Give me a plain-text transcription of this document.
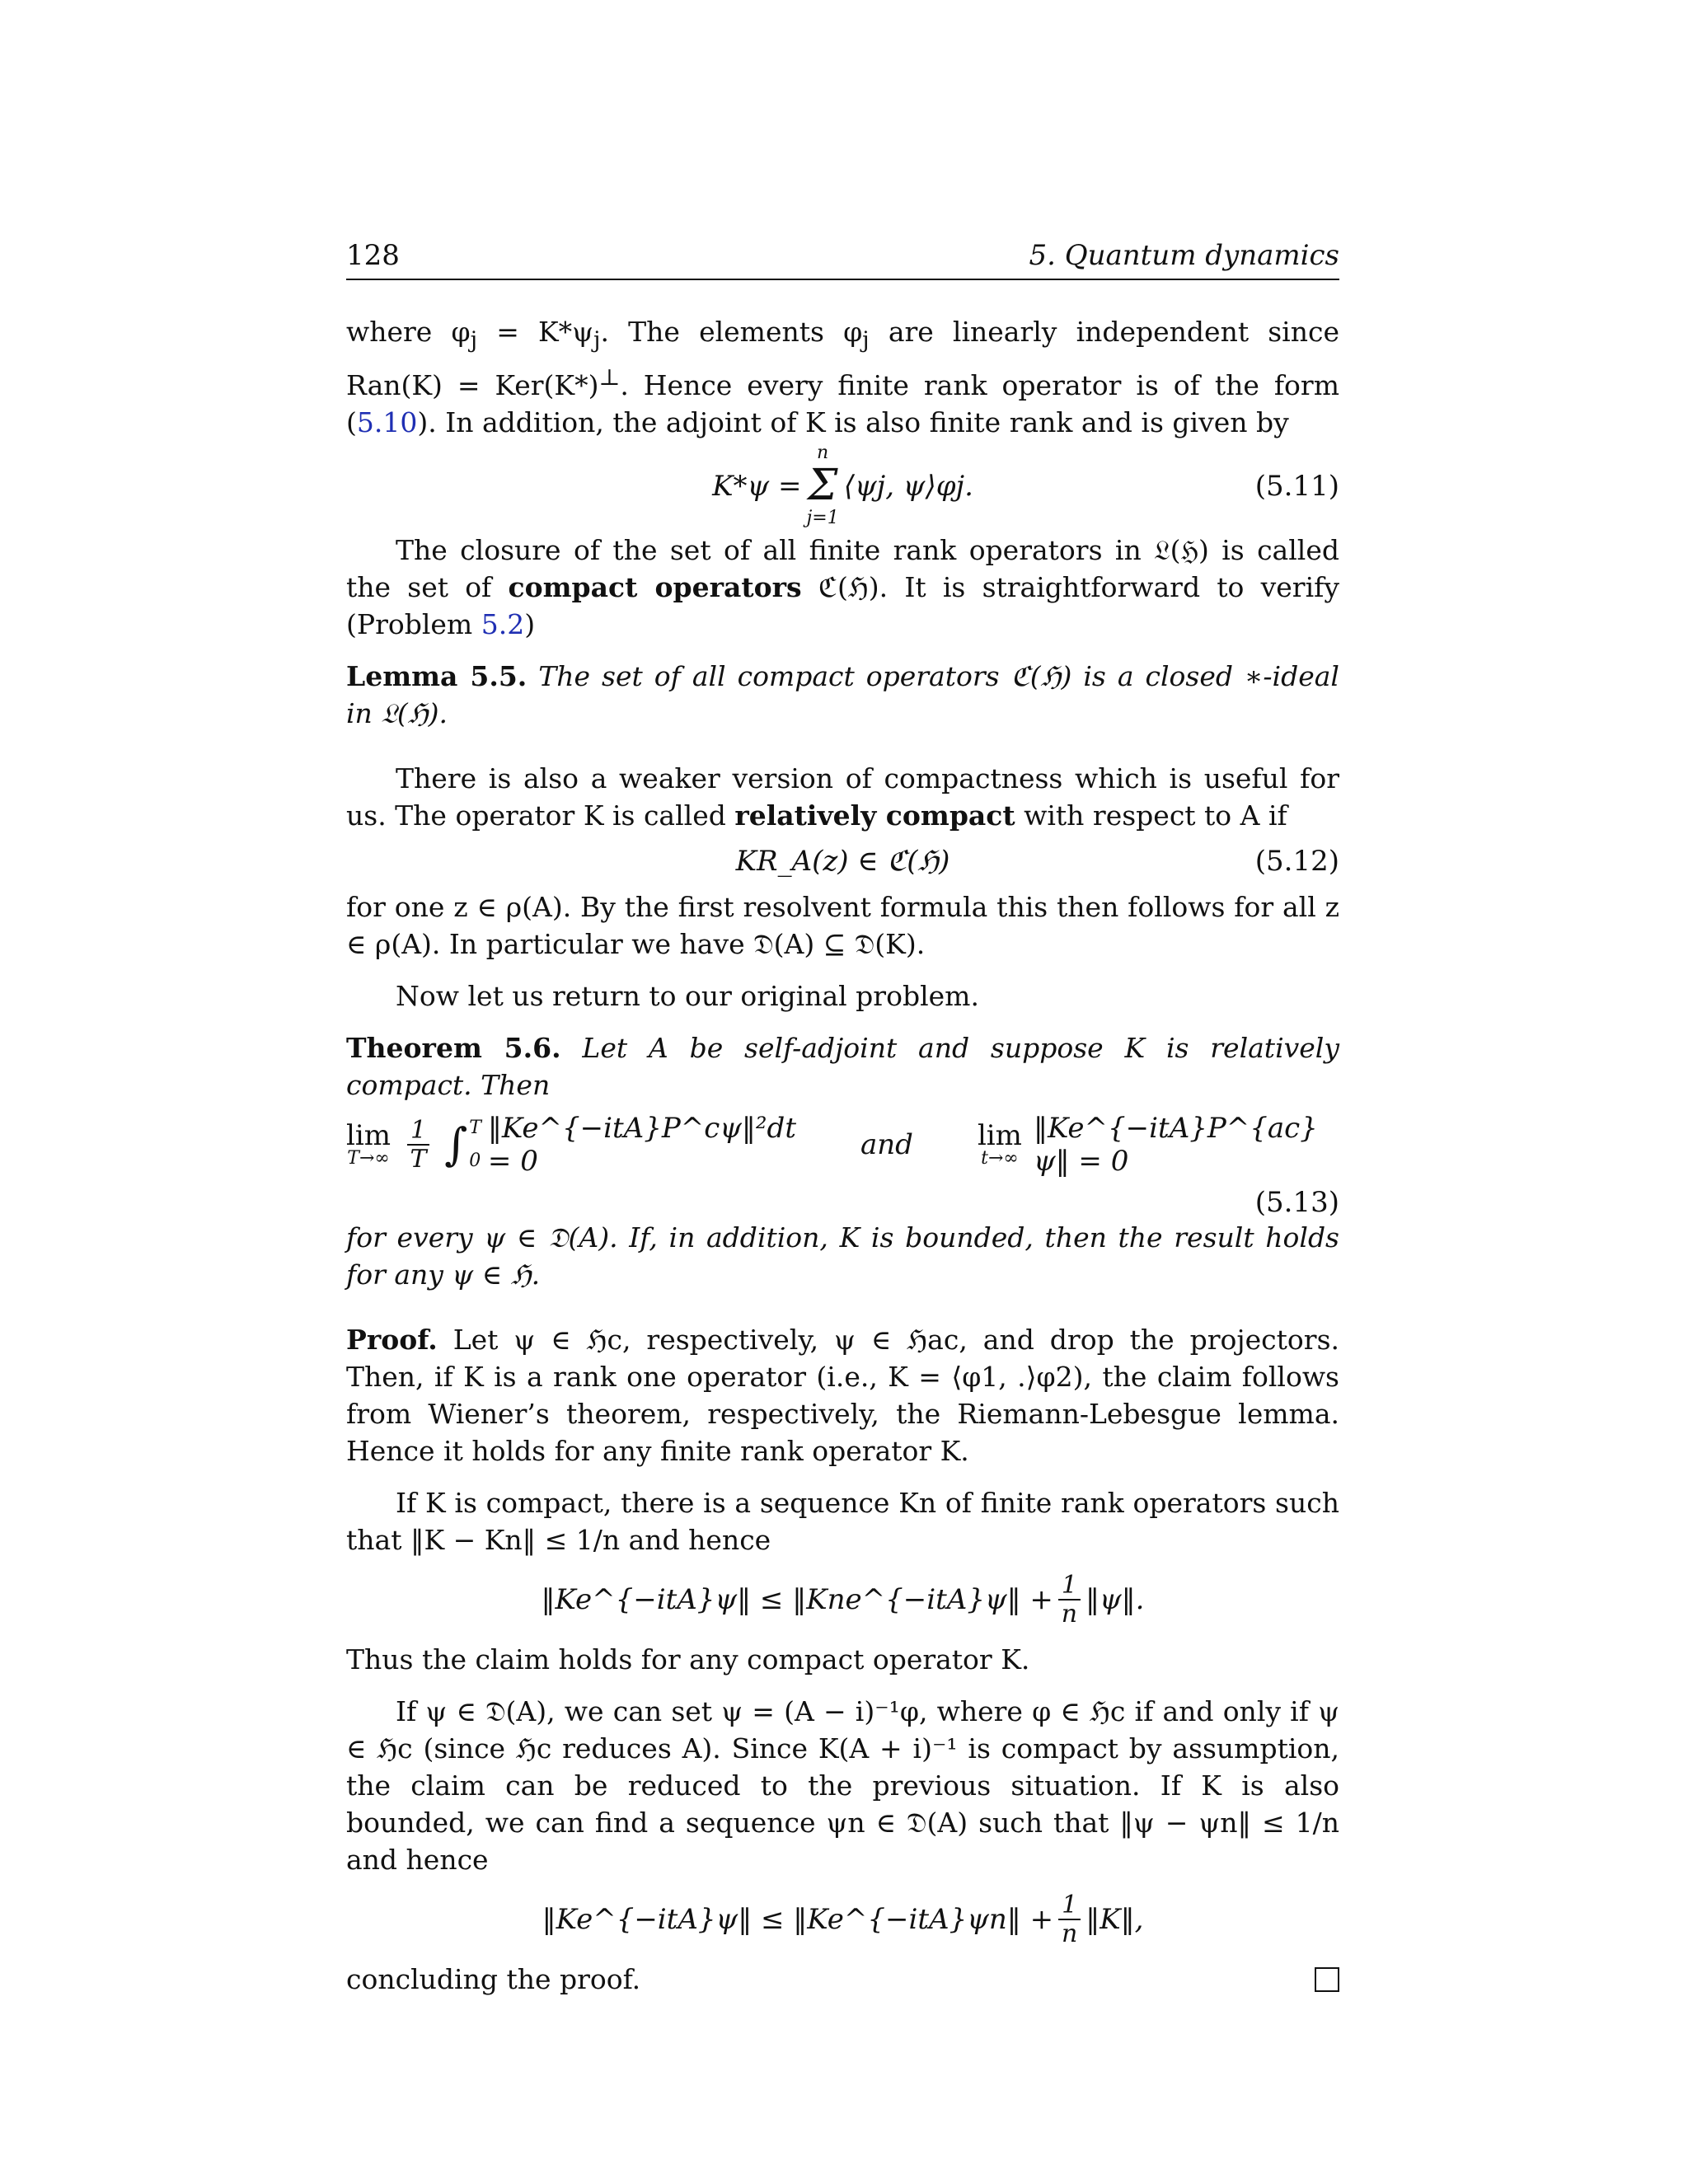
128	5. Quantum dynamics

where $\varphi_j = K*\psi_j$. The elements $\varphi_j$ are linearly independent since Ran(K) = Ker(K*)⊥. Hence every finite rank operator is of the form (5.10). In addition, the adjoint of K is also finite rank and is given by

K*ψ =
n
Σ
j=1
⟨ψj, ψ⟩φj.	(5.11)

The closure of the set of all finite rank operators in 𝔏(ℌ) is called the set of compact operators ℭ(ℌ). It is straightforward to verify (Problem 5.2)

Lemma 5.5. The set of all compact operators ℭ(ℌ) is a closed ∗-ideal in 𝔏(ℌ).

There is also a weaker version of compactness which is useful for us. The operator K is called relatively compact with respect to A if

KR_A(z) ∈ ℭ(ℌ)	(5.12)

for one z ∈ ρ(A). By the first resolvent formula this then follows for all z ∈ ρ(A). In particular we have 𝔇(A) ⊆ 𝔇(K).

Now let us return to our original problem.

Theorem 5.6. Let A be self-adjoint and suppose K is relatively compact. Then

lim
$T\to\infty \frac{1}{T}$ ∫ T
0
‖Ke^{−itA}P^cψ‖²dt = 0	and lim
t→∞
‖Ke^{−itA}P^{ac}ψ‖ = 0
(5.13)

for every ψ ∈ 𝔇(A). If, in addition, K is bounded, then the result holds for any ψ ∈ ℌ.

Proof. Let ψ ∈ ℌc, respectively, ψ ∈ ℌac, and drop the projectors. Then, if K is a rank one operator (i.e., K = ⟨φ1, .⟩φ2), the claim follows from Wiener’s theorem, respectively, the Riemann-Lebesgue lemma. Hence it holds for any finite rank operator K.

If K is compact, there is a sequence Kn of finite rank operators such that ‖K − Kn‖ ≤ 1/n and hence

‖Ke^{−itA}ψ‖ ≤ ‖Kne^{−itA}ψ‖ + $\frac{1}{n}$ ‖ψ‖.

Thus the claim holds for any compact operator K.

If ψ ∈ 𝔇(A), we can set ψ = (A − i)⁻¹φ, where φ ∈ ℌc if and only if ψ ∈ ℌc (since ℌc reduces A). Since K(A + i)⁻¹ is compact by assumption, the claim can be reduced to the previous situation. If K is also bounded, we can find a sequence ψn ∈ 𝔇(A) such that ‖ψ − ψn‖ ≤ 1/n and hence

‖Ke^{−itA}ψ‖ ≤ ‖Ke^{−itA}ψn‖ + $\frac{1}{n}$ ‖K‖,

concluding the proof.
